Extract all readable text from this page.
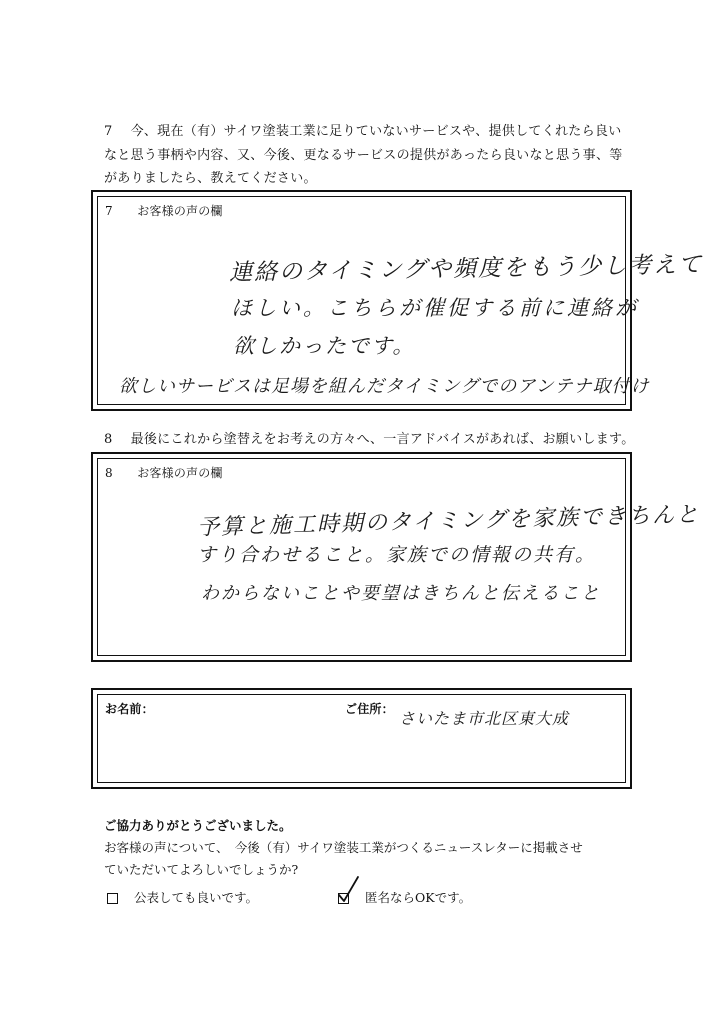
7 今、現在（有）サイワ塗装工業に足りていないサービスや、提供してくれたら良い
なと思う事柄や内容、又、今後、更なるサービスの提供があったら良いなと思う事、等
がありましたら、教えてください。
7　　お客様の声の欄
連絡のタイミングや頻度をもう少し考えて
ほしい。こちらが催促する前に連絡が
欲しかったです。
欲しいサービスは足場を組んだタイミングでのアンテナ取付け
8 最後にこれから塗替えをお考えの方々へ、一言アドバイスがあれば、お願いします。
8　　お客様の声の欄
予算と施工時期のタイミングを家族できちんと
すり合わせること。家族での情報の共有。
わからないことや要望はきちんと伝えること
お名前：	ご住所： さいたま市北区東大成
ご協力ありがとうございました。
お客様の声について、　今後（有）サイワ塗装工業がつくるニュースレターに掲載させ
ていただいてよろしいでしょうか?
公表しても良いです。	匿名ならOKです。
